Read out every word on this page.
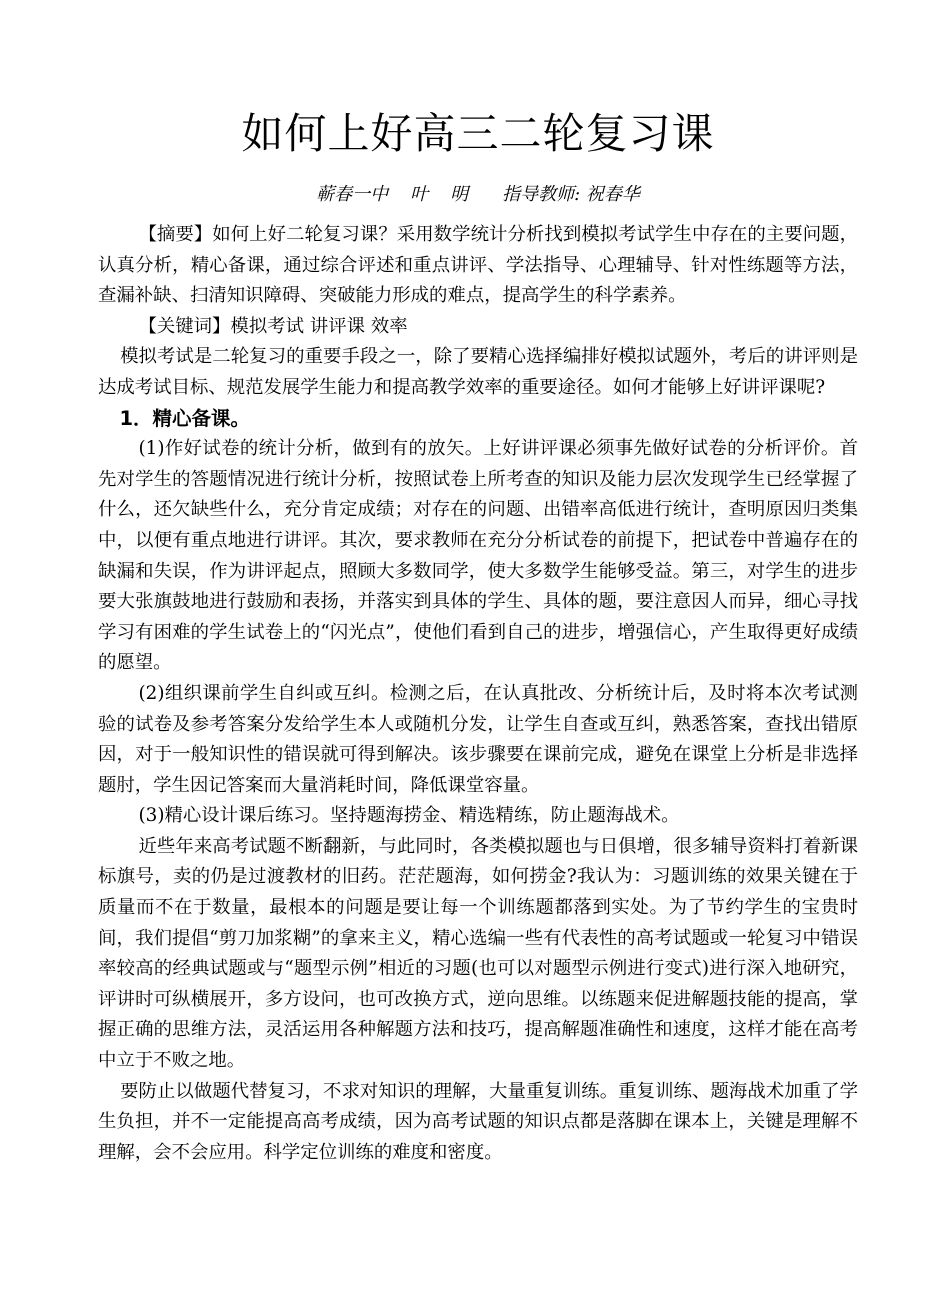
如何上好高三二轮复习课
蕲春一中 叶 明 指导教师: 祝春华

【摘要】如何上好二轮复习课？采用数学统计分析找到模拟考试学生中存在的主要问题，认真分析，精心备课，通过综合评述和重点讲评、学法指导、心理辅导、针对性练题等方法，查漏补缺、扫清知识障碍、突破能力形成的难点，提高学生的科学素养。

【关键词】模拟考试 讲评课 效率

模拟考试是二轮复习的重要手段之一，除了要精心选择编排好模拟试题外，考后的讲评则是达成考试目标、规范发展学生能力和提高教学效率的重要途径。如何才能够上好讲评课呢?

1．精心备课。

(1)作好试卷的统计分析，做到有的放矢。上好讲评课必须事先做好试卷的分析评价。首先对学生的答题情况进行统计分析，按照试卷上所考查的知识及能力层次发现学生已经掌握了什么，还欠缺些什么，充分肯定成绩；对存在的问题、出错率高低进行统计，查明原因归类集中，以便有重点地进行讲评。其次，要求教师在充分分析试卷的前提下，把试卷中普遍存在的缺漏和失误，作为讲评起点，照顾大多数同学，使大多数学生能够受益。第三，对学生的进步要大张旗鼓地进行鼓励和表扬，并落实到具体的学生、具体的题，要注意因人而异，细心寻找学习有困难的学生试卷上的“闪光点”，使他们看到自己的进步，增强信心，产生取得更好成绩的愿望。

(2)组织课前学生自纠或互纠。检测之后，在认真批改、分析统计后，及时将本次考试测验的试卷及参考答案分发给学生本人或随机分发，让学生自查或互纠，熟悉答案，查找出错原因，对于一般知识性的错误就可得到解决。该步骤要在课前完成，避免在课堂上分析是非选择题肘，学生因记答案而大量消耗时间，降低课堂容量。

(3)精心设计课后练习。坚持题海捞金、精选精练，防止题海战术。

近些年来高考试题不断翻新，与此同时，各类模拟题也与日俱增，很多辅导资料打着新课标旗号，卖的仍是过渡教材的旧药。茫茫题海，如何捞金?我认为：习题训练的效果关键在于质量而不在于数量，最根本的问题是要让每一个训练题都落到实处。为了节约学生的宝贵时间，我们提倡“剪刀加浆糊”的拿来主义，精心选编一些有代表性的高考试题或一轮复习中错误率较高的经典试题或与“题型示例”相近的习题(也可以对题型示例进行变式)进行深入地研究，评讲时可纵横展开，多方设问，也可改换方式，逆向思维。以练题来促进解题技能的提高，掌握正确的思维方法，灵活运用各种解题方法和技巧，提高解题准确性和速度，这样才能在高考中立于不败之地。

要防止以做题代替复习，不求对知识的理解，大量重复训练。重复训练、题海战术加重了学生负担，并不一定能提高高考成绩，因为高考试题的知识点都是落脚在课本上，关键是理解不理解，会不会应用。科学定位训练的难度和密度。
